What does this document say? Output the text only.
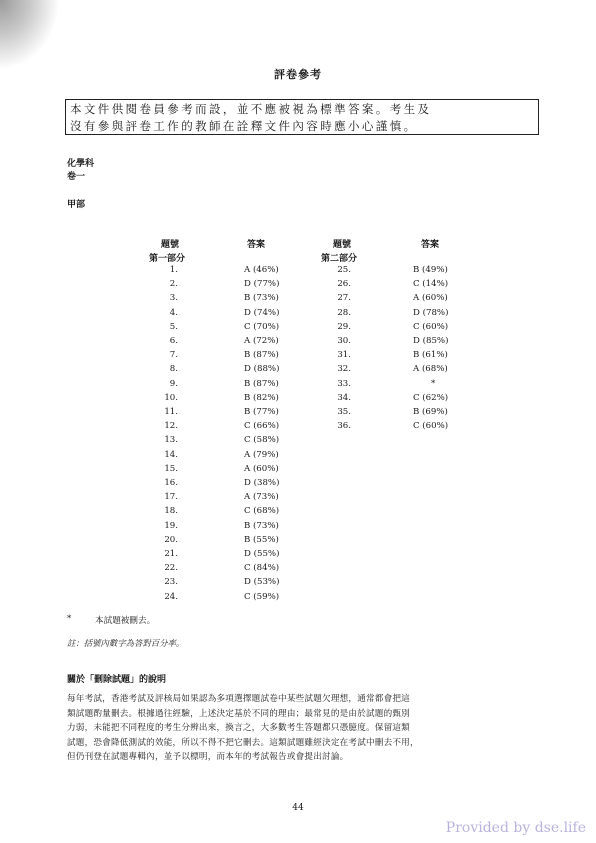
評卷參考
本文件供閱卷員參考而設，並不應被視為標準答案。考生及
沒有參與評卷工作的教師在詮釋文件內容時應小心謹慎。
化學科
卷一
甲部
題號	答案
第一部分
題號	答案
第二部分
1.	A (46%)
2.	D (77%)
3.	B (73%)
4.	D (74%)
5.	C (70%)
6.	A (72%)
7.	B (87%)
8.	D (88%)
9.	B (87%)
10.	B (82%)
11.	B (77%)
12.	C (66%)
13.	C (58%)
14.	A (79%)
15.	A (60%)
16.	D (38%)
17.	A (73%)
18.	C (68%)
19.	B (73%)
20.	B (55%)
21.	D (55%)
22.	C (84%)
23.	D (53%)
24.	C (59%)
25.	B (49%)
26.	C (14%)
27.	A (60%)
28.	D (78%)
29.	C (60%)
30.	D (85%)
31.	B (61%)
32.	A (68%)
33.	*
34.	C (62%)
35.	B (69%)
36.	C (60%)
*	本試題被刪去。
註：括號內數字為答對百分率。
關於「刪除試題」的說明
每年考試，香港考試及評核局如果認為多項選擇題試卷中某些試題欠理想，通常都會把這
類試題酌量刪去。根據過往經驗，上述決定基於不同的理由；最常見的是由於試題的甄別
力弱，未能把不同程度的考生分辨出來，換言之，大多數考生答題都只憑臆度。保留這類
試題，恐會降低測試的效能，所以不得不把它刪去。這類試題雖經決定在考試中刪去不用，
但仍刊登在試題專輯內，並予以標明，而本年的考試報告或會提出討論。
44
Provided by dse.life
